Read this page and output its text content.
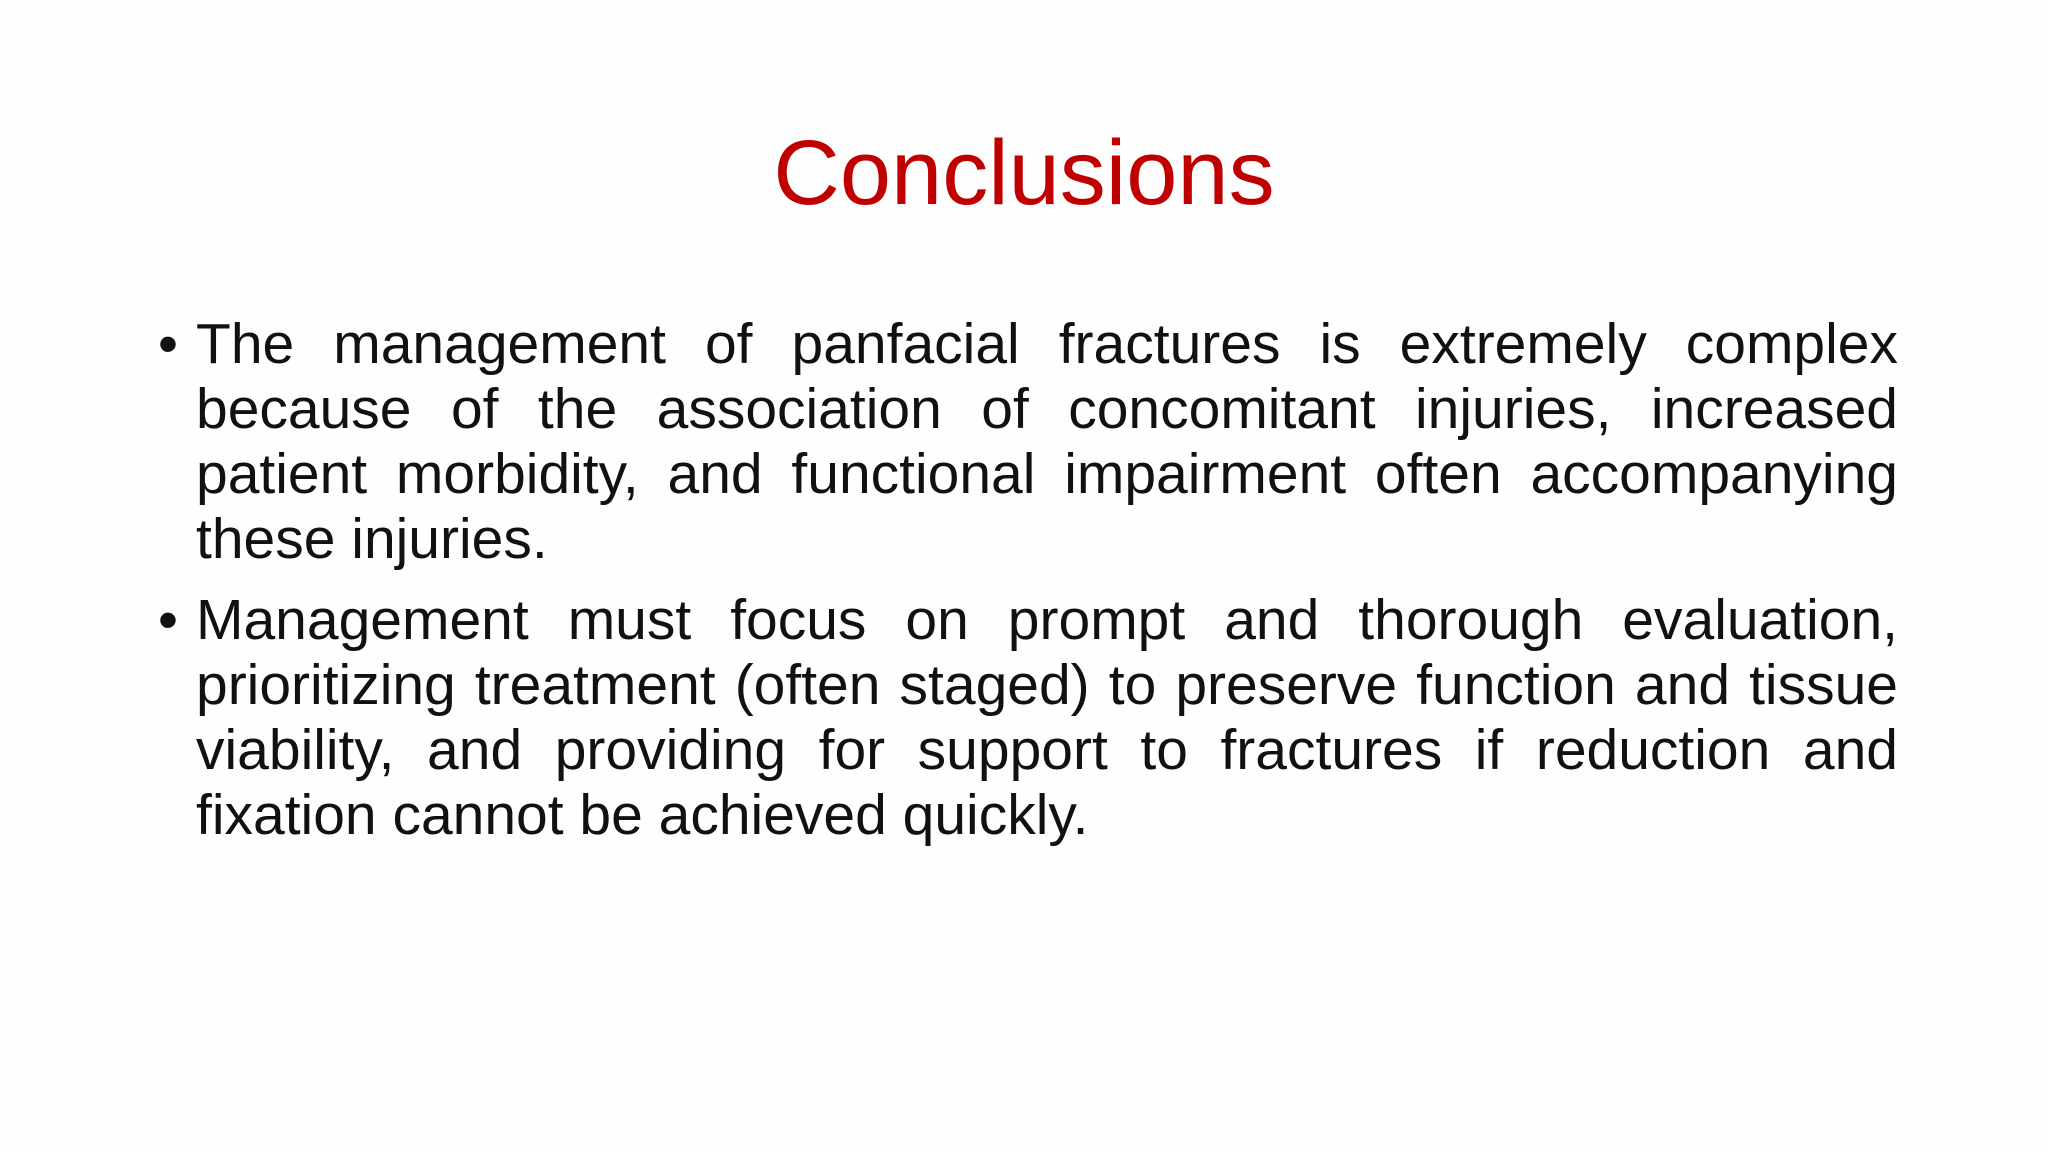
Conclusions
• The management of panfacial fractures is extremely complex because of the association of concomitant injuries, increased patient morbidity, and functional impairment often accompanying these injuries.
• Management must focus on prompt and thorough evaluation, prioritizing treatment (often staged) to preserve function and tissue viability, and providing for support to fractures if reduction and fixation cannot be achieved quickly.
